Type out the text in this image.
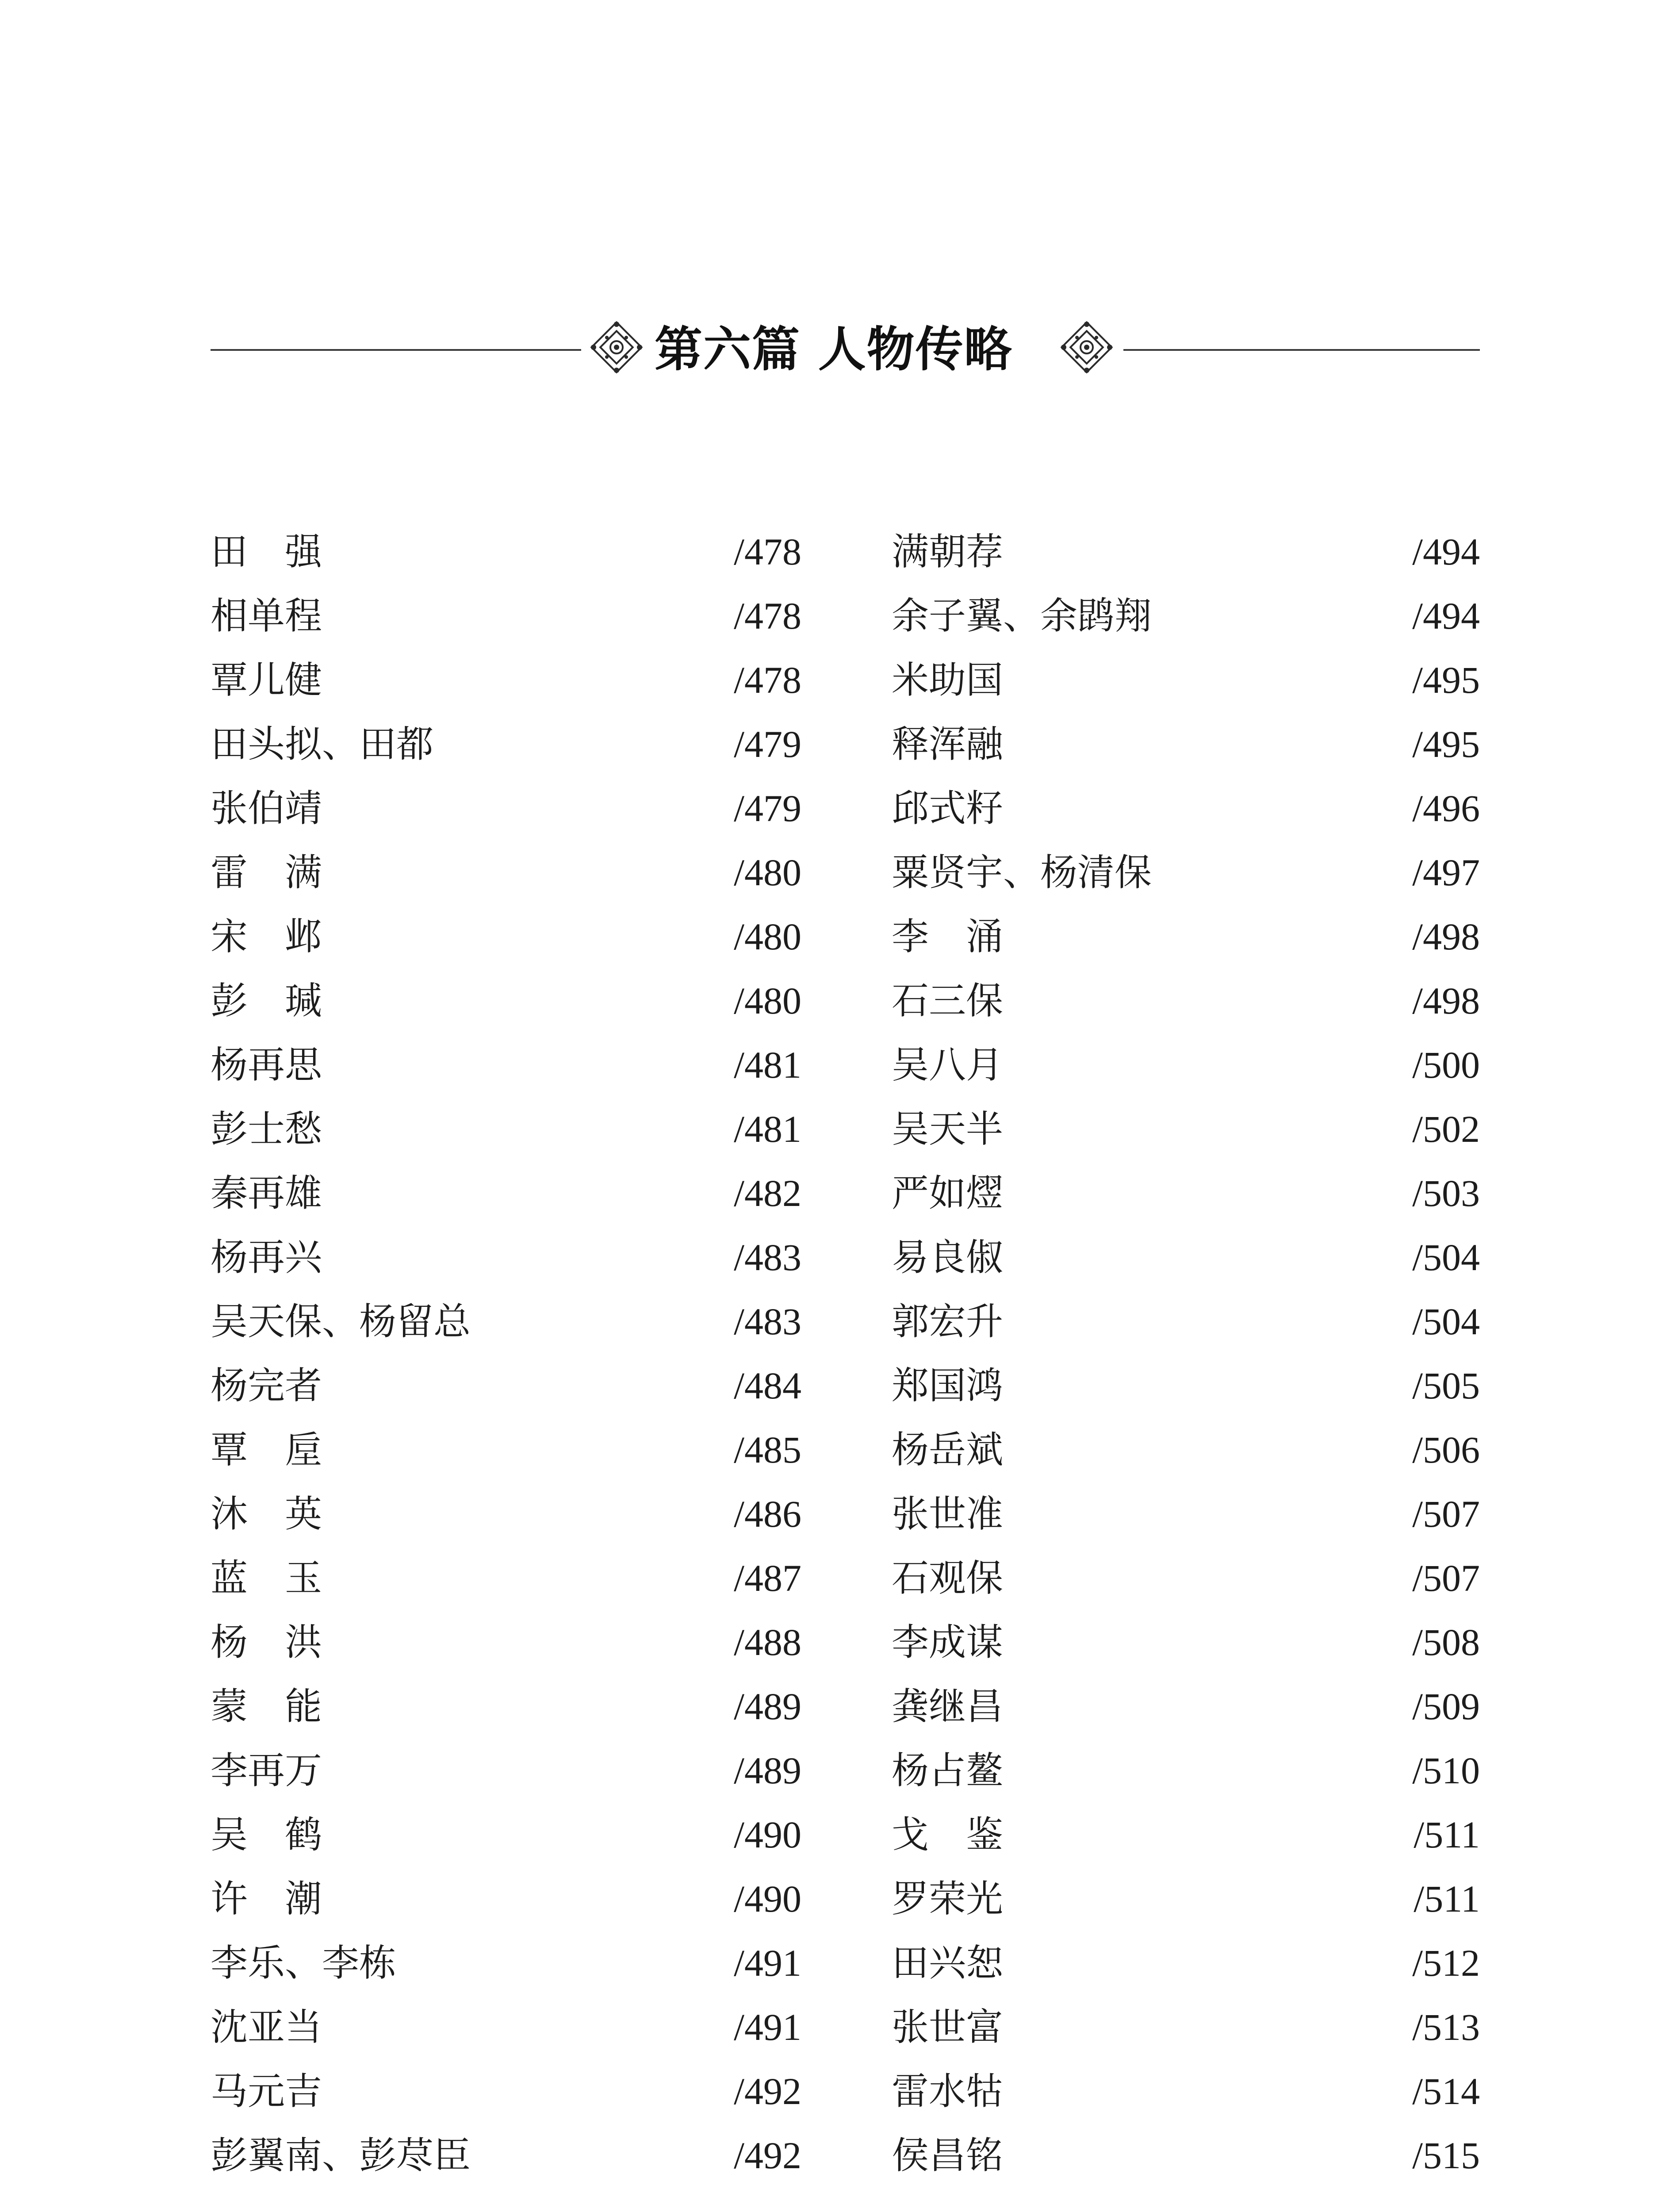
第六篇 人物传略
田　强	/478
相单程	/478
覃儿健	/478
田头拟、田都	/479
张伯靖	/479
雷　满	/480
宋　邺	/480
彭　瑊	/480
杨再思	/481
彭士愁	/481
秦再雄	/482
杨再兴	/483
吴天保、杨留总	/483
杨完者	/484
覃　垕	/485
沐　英	/486
蓝　玉	/487
杨　洪	/488
蒙　能	/489
李再万	/489
吴　鹤	/490
许　潮	/490
李乐、李栋	/491
沈亚当	/491
马元吉	/492
彭翼南、彭荩臣	/492
满朝荐	/494
余子翼、余鹍翔	/494
米助国	/495
释浑融	/495
邱式籽	/496
粟贤宇、杨清保	/497
李　涌	/498
石三保	/498
吴八月	/500
吴天半	/502
严如熤	/503
易良俶	/504
郭宏升	/504
郑国鸿	/505
杨岳斌	/506
张世准	/507
石观保	/507
李成谋	/508
龚继昌	/509
杨占鳌	/510
戈　鉴	/511
罗荣光	/511
田兴恕	/512
张世富	/513
雷水牯	/514
侯昌铭	/515
